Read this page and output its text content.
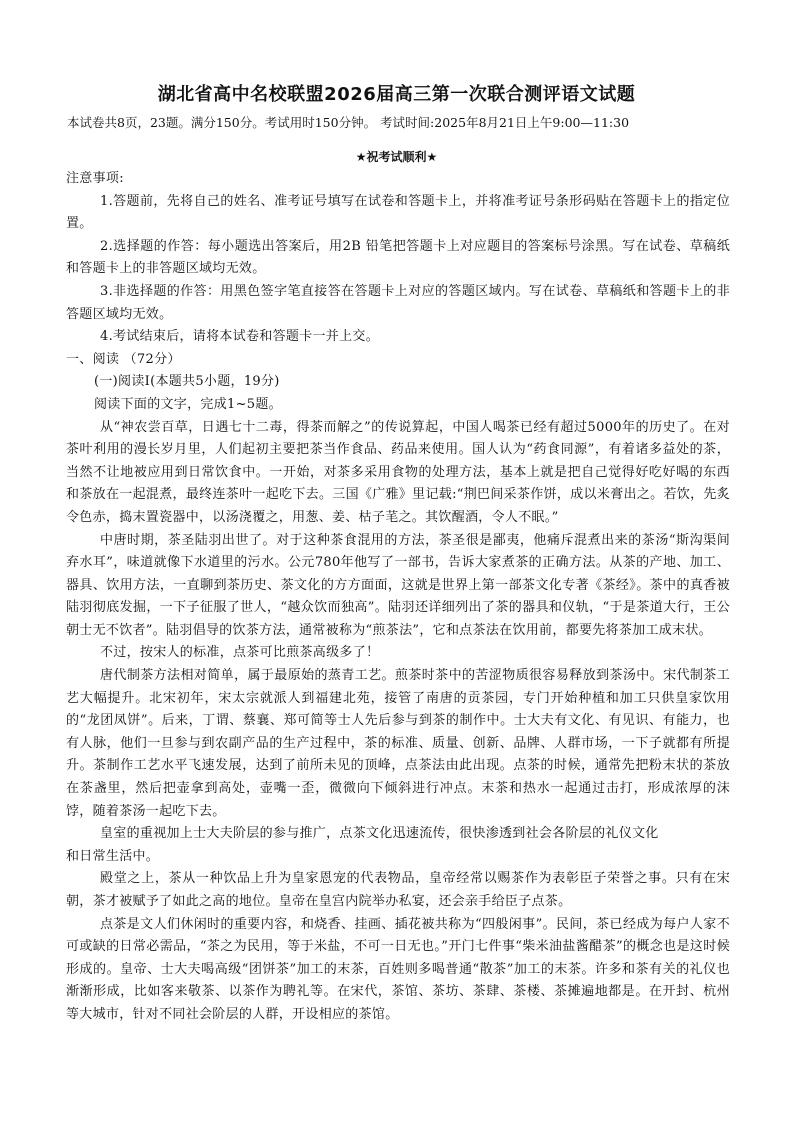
湖北省高中名校联盟2026届高三第一次联合测评语文试题
本试卷共8页，23题。满分150分。考试用时150分钟。 考试时间:2025年8月21日上午9:00—11:30
★祝考试顺利★

注意事项:

1.答题前，先将自己的姓名、准考证号填写在试卷和答题卡上，并将准考证号条形码贴在答题卡上的指定位置。

2.选择题的作答：每小题选出答案后，用2B 铅笔把答题卡上对应题目的答案标号涂黑。写在试卷、草稿纸和答题卡上的非答题区域均无效。

3.非选择题的作答：用黑色签字笔直接答在答题卡上对应的答题区域内。写在试卷、草稿纸和答题卡上的非答题区域均无效。

4.考试结束后，请将本试卷和答题卡一并上交。

一、阅读 （72分）

(一)阅读Ⅰ(本题共5小题，19分)

阅读下面的文字，完成1~5题。

从“神农尝百草，日遇七十二毒，得茶而解之”的传说算起，中国人喝茶已经有超过5000年的历史了。在对茶叶利用的漫长岁月里，人们起初主要把茶当作食品、药品来使用。国人认为“药食同源”，有着诸多益处的茶，当然不让地被应用到日常饮食中。一开始，对茶多采用食物的处理方法，基本上就是把自己觉得好吃好喝的东西和茶放在一起混煮，最终连茶叶一起吃下去。三国《广雅》里记载:“荆巴间采茶作饼，成以米膏出之。若饮，先炙令色赤，捣末置瓷器中，以汤浇覆之，用葱、姜、枯子芼之。其饮醒酒，令人不眠。”

中唐时期，茶圣陆羽出世了。对于这种茶食混用的方法，茶圣很是鄙夷，他痛斥混煮出来的茶汤“斯沟渠间弃水耳”，味道就像下水道里的污水。公元780年他写了一部书，告诉大家煮茶的正确方法。从茶的产地、加工、器具、饮用方法，一直聊到茶历史、茶文化的方方面面，这就是世界上第一部茶文化专著《茶经》。茶中的真香被陆羽彻底发掘，一下子征服了世人，“越众饮而独高”。陆羽还详细列出了茶的器具和仪轨，“于是茶道大行，王公朝士无不饮者”。陆羽倡导的饮茶方法，通常被称为“煎茶法”，它和点茶法在饮用前，都要先将茶加工成末状。

不过，按宋人的标准，点茶可比煎茶高级多了！

唐代制茶方法相对简单，属于最原始的蒸青工艺。煎茶时茶中的苦涩物质很容易释放到茶汤中。宋代制茶工艺大幅提升。北宋初年，宋太宗就派人到福建北苑，接管了南唐的贡茶园，专门开始种植和加工只供皇家饮用的“龙团凤饼”。后来，丁谓、蔡襄、郑可简等士人先后参与到茶的制作中。士大夫有文化、有见识、有能力，也有人脉，他们一旦参与到农副产品的生产过程中，茶的标准、质量、创新、品牌、人群市场，一下子就都有所提升。茶制作工艺水平飞速发展，达到了前所未见的顶峰，点茶法由此出现。点茶的时候，通常先把粉末状的茶放在茶盏里，然后把壶拿到高处，壶嘴一歪，微微向下倾斜进行冲点。末茶和热水一起通过击打，形成浓厚的沫饽，随着茶汤一起吃下去。

皇室的重视加上士大夫阶层的参与推广，点茶文化迅速流传，很快渗透到社会各阶层的礼仪文化

和日常生活中。

殿堂之上，茶从一种饮品上升为皇家恩宠的代表物品，皇帝经常以赐茶作为表彰臣子荣誉之事。只有在宋朝，茶才被赋予了如此之高的地位。皇帝在皇宫内院举办私宴，还会亲手给臣子点茶。

点茶是文人们休闲时的重要内容，和烧香、挂画、插花被共称为“四般闲事”。民间，茶已经成为每户人家不可或缺的日常必需品，“茶之为民用，等于米盐，不可一日无也。”开门七件事“柴米油盐酱醋茶”的概念也是这时候形成的。皇帝、士大夫喝高级“团饼茶”加工的末茶，百姓则多喝普通“散茶”加工的末茶。许多和茶有关的礼仪也渐渐形成，比如客来敬茶、以茶作为聘礼等。在宋代，茶馆、茶坊、茶肆、茶楼、茶摊遍地都是。在开封、杭州等大城市，针对不同社会阶层的人群，开设相应的茶馆。
